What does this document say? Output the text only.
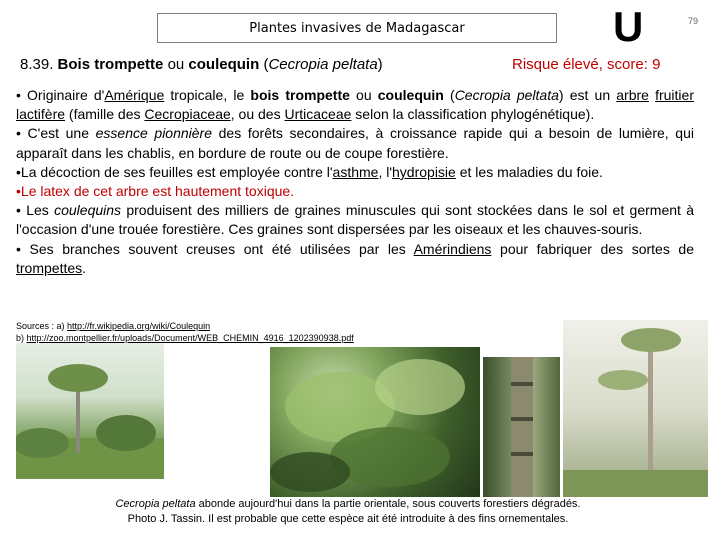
Plantes invasives de Madagascar	U	79
8.39. Bois trompette ou coulequin (Cecropia peltata)	Risque élevé, score: 9

• Originaire d'Amérique tropicale, le bois trompette ou coulequin (Cecropia peltata) est un arbre fruitier lactifère (famille des Cecropiaceae, ou des Urticaceae selon la classification phylogénétique).

• C'est une essence pionnière des forêts secondaires, à croissance rapide qui a besoin de lumière, qui apparaît dans les chablis, en bordure de route ou de coupe forestière.

•La décoction de ses feuilles est employée contre l'asthme, l'hydropisie et les maladies du foie.

•Le latex de cet arbre est hautement toxique.

• Les coulequins produisent des milliers de graines minuscules qui sont stockées dans le sol et germent à l'occasion d'une trouée forestière. Ces graines sont dispersées par les oiseaux et les chauves-souris.

• Ses branches souvent creuses ont été utilisées par les Amérindiens pour fabriquer des sortes de trompettes.

Sources : a) http://fr.wikipedia.org/wiki/Coulequin
b) http://zoo.montpellier.fr/uploads/Document/WEB_CHEMIN_4916_1202390938.pdf
Cecropia peltata abonde aujourd'hui dans la partie orientale, sous couverts forestiers dégradés.
Photo J. Tassin. Il est probable que cette espèce ait été introduite à des fins ornementales.
